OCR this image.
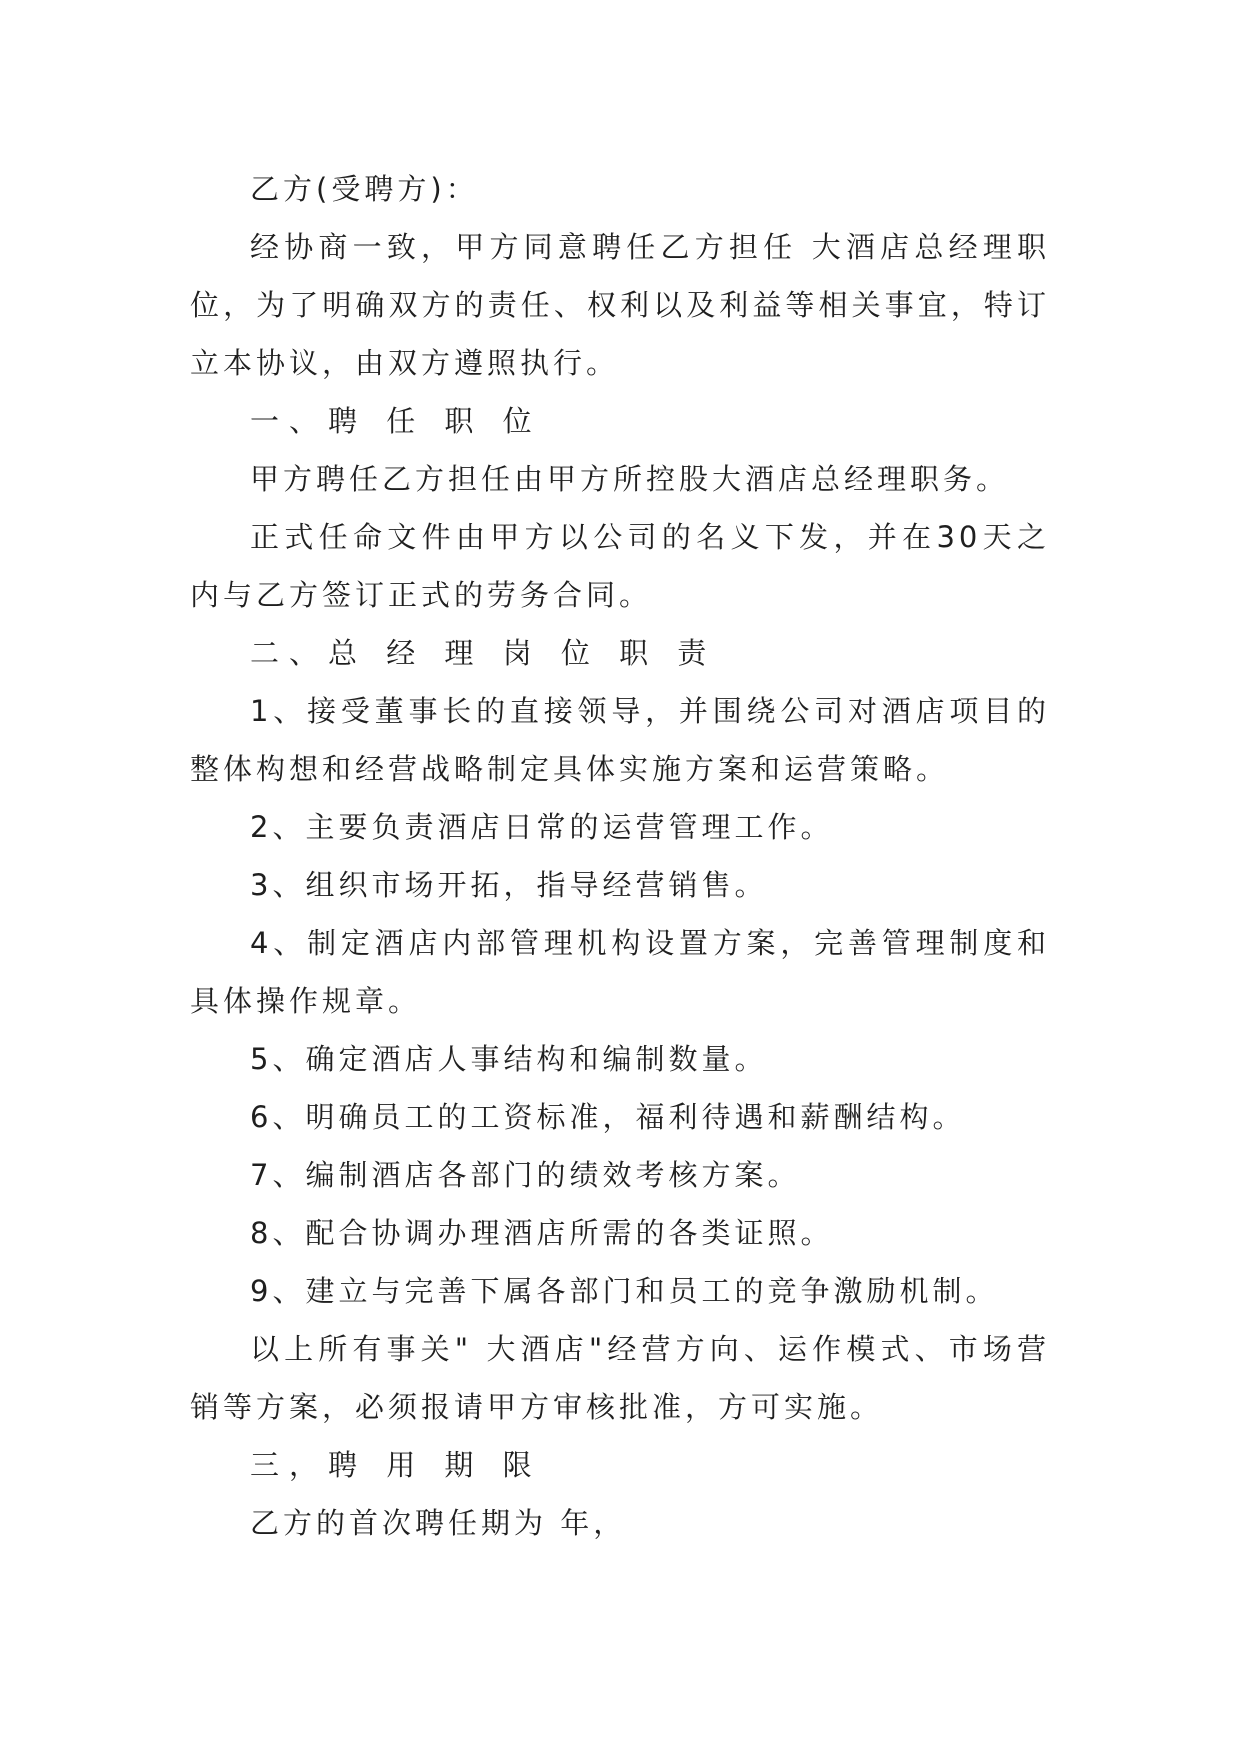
乙方(受聘方)：

经协商一致，甲方同意聘任乙方担任 大酒店总经理职位，为了明确双方的责任、权利以及利益等相关事宜，特订立本协议，由双方遵照执行。

一、聘 任 职 位

甲方聘任乙方担任由甲方所控股大酒店总经理职务。

正式任命文件由甲方以公司的名义下发，并在30天之内与乙方签订正式的劳务合同。

二、总 经 理 岗 位 职 责

1、接受董事长的直接领导，并围绕公司对酒店项目的整体构想和经营战略制定具体实施方案和运营策略。

2、主要负责酒店日常的运营管理工作。

3、组织市场开拓，指导经营销售。

4、制定酒店内部管理机构设置方案，完善管理制度和具体操作规章。

5、确定酒店人事结构和编制数量。

6、明确员工的工资标准，福利待遇和薪酬结构。

7、编制酒店各部门的绩效考核方案。

8、配合协调办理酒店所需的各类证照。

9、建立与完善下属各部门和员工的竞争激励机制。

以上所有事关" 大酒店"经营方向、运作模式、市场营销等方案，必须报请甲方审核批准，方可实施。

三，聘 用 期 限

乙方的首次聘任期为 年，
